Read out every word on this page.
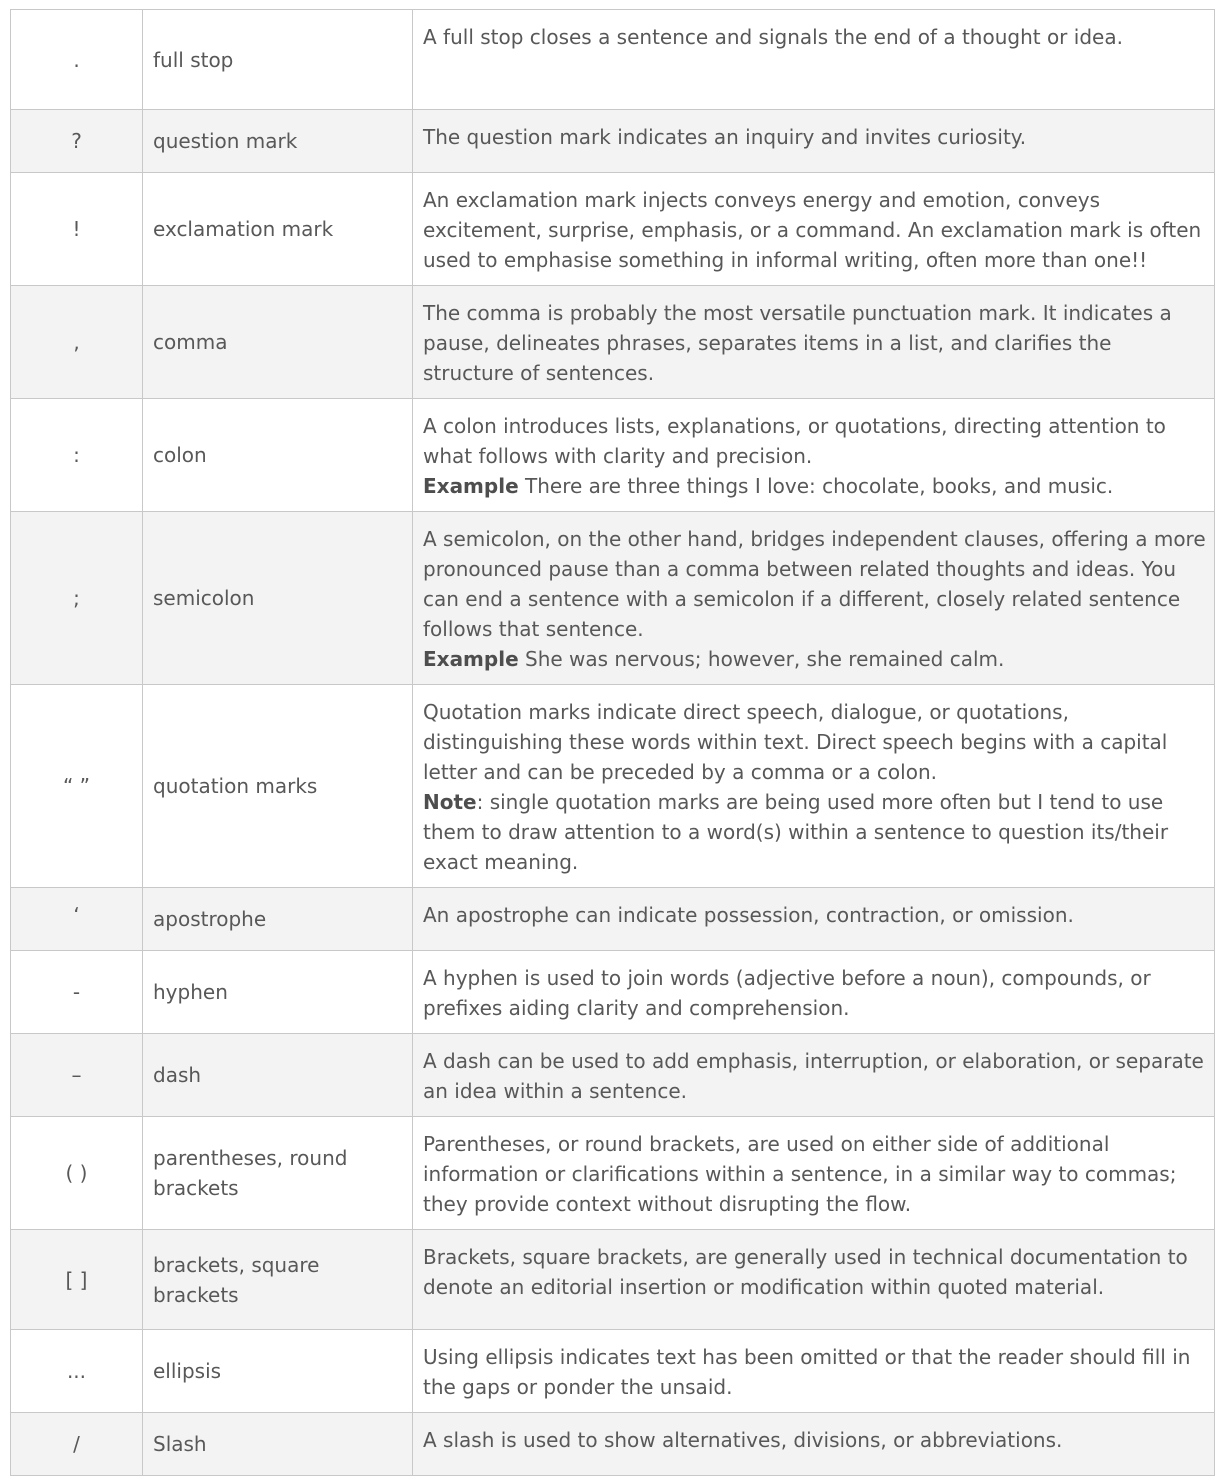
.	full stop	A full stop closes a sentence and signals the end of a thought or idea.

?	question mark	The question mark indicates an inquiry and invites curiosity.

!	exclamation mark	An exclamation mark injects conveys energy and emotion, conveys excitement, surprise, emphasis, or a command. An exclamation mark is often used to emphasise something in informal writing, often more than one!!

,	comma	The comma is probably the most versatile punctuation mark. It indicates a pause, delineates phrases, separates items in a list, and clarifies the structure of sentences.

:	colon	A colon introduces lists, explanations, or quotations, directing attention to what follows with clarity and precision.
Example There are three things I love: chocolate, books, and music.

;	semicolon	A semicolon, on the other hand, bridges independent clauses, offering a more pronounced pause than a comma between related thoughts and ideas. You can end a sentence with a semicolon if a different, closely related sentence follows that sentence.
Example She was nervous; however, she remained calm.

“ ”	quotation marks	Quotation marks indicate direct speech, dialogue, or quotations, distinguishing these words within text. Direct speech begins with a capital letter and can be preceded by a comma or a colon.
Note: single quotation marks are being used more often but I tend to use them to draw attention to a word(s) within a sentence to question its/their exact meaning.

‘	apostrophe	An apostrophe can indicate possession, contraction, or omission.

-	hyphen	A hyphen is used to join words (adjective before a noun), compounds, or prefixes aiding clarity and comprehension.

–	dash	A dash can be used to add emphasis, interruption, or elaboration, or separate an idea within a sentence.

( )	parentheses, round brackets	Parentheses, or round brackets, are used on either side of additional information or clarifications within a sentence, in a similar way to commas; they provide context without disrupting the flow.

[ ]	brackets, square brackets	Brackets, square brackets, are generally used in technical documentation to denote an editorial insertion or modification within quoted material.

...	ellipsis	Using ellipsis indicates text has been omitted or that the reader should fill in the gaps or ponder the unsaid.

/	Slash	A slash is used to show alternatives, divisions, or abbreviations.
